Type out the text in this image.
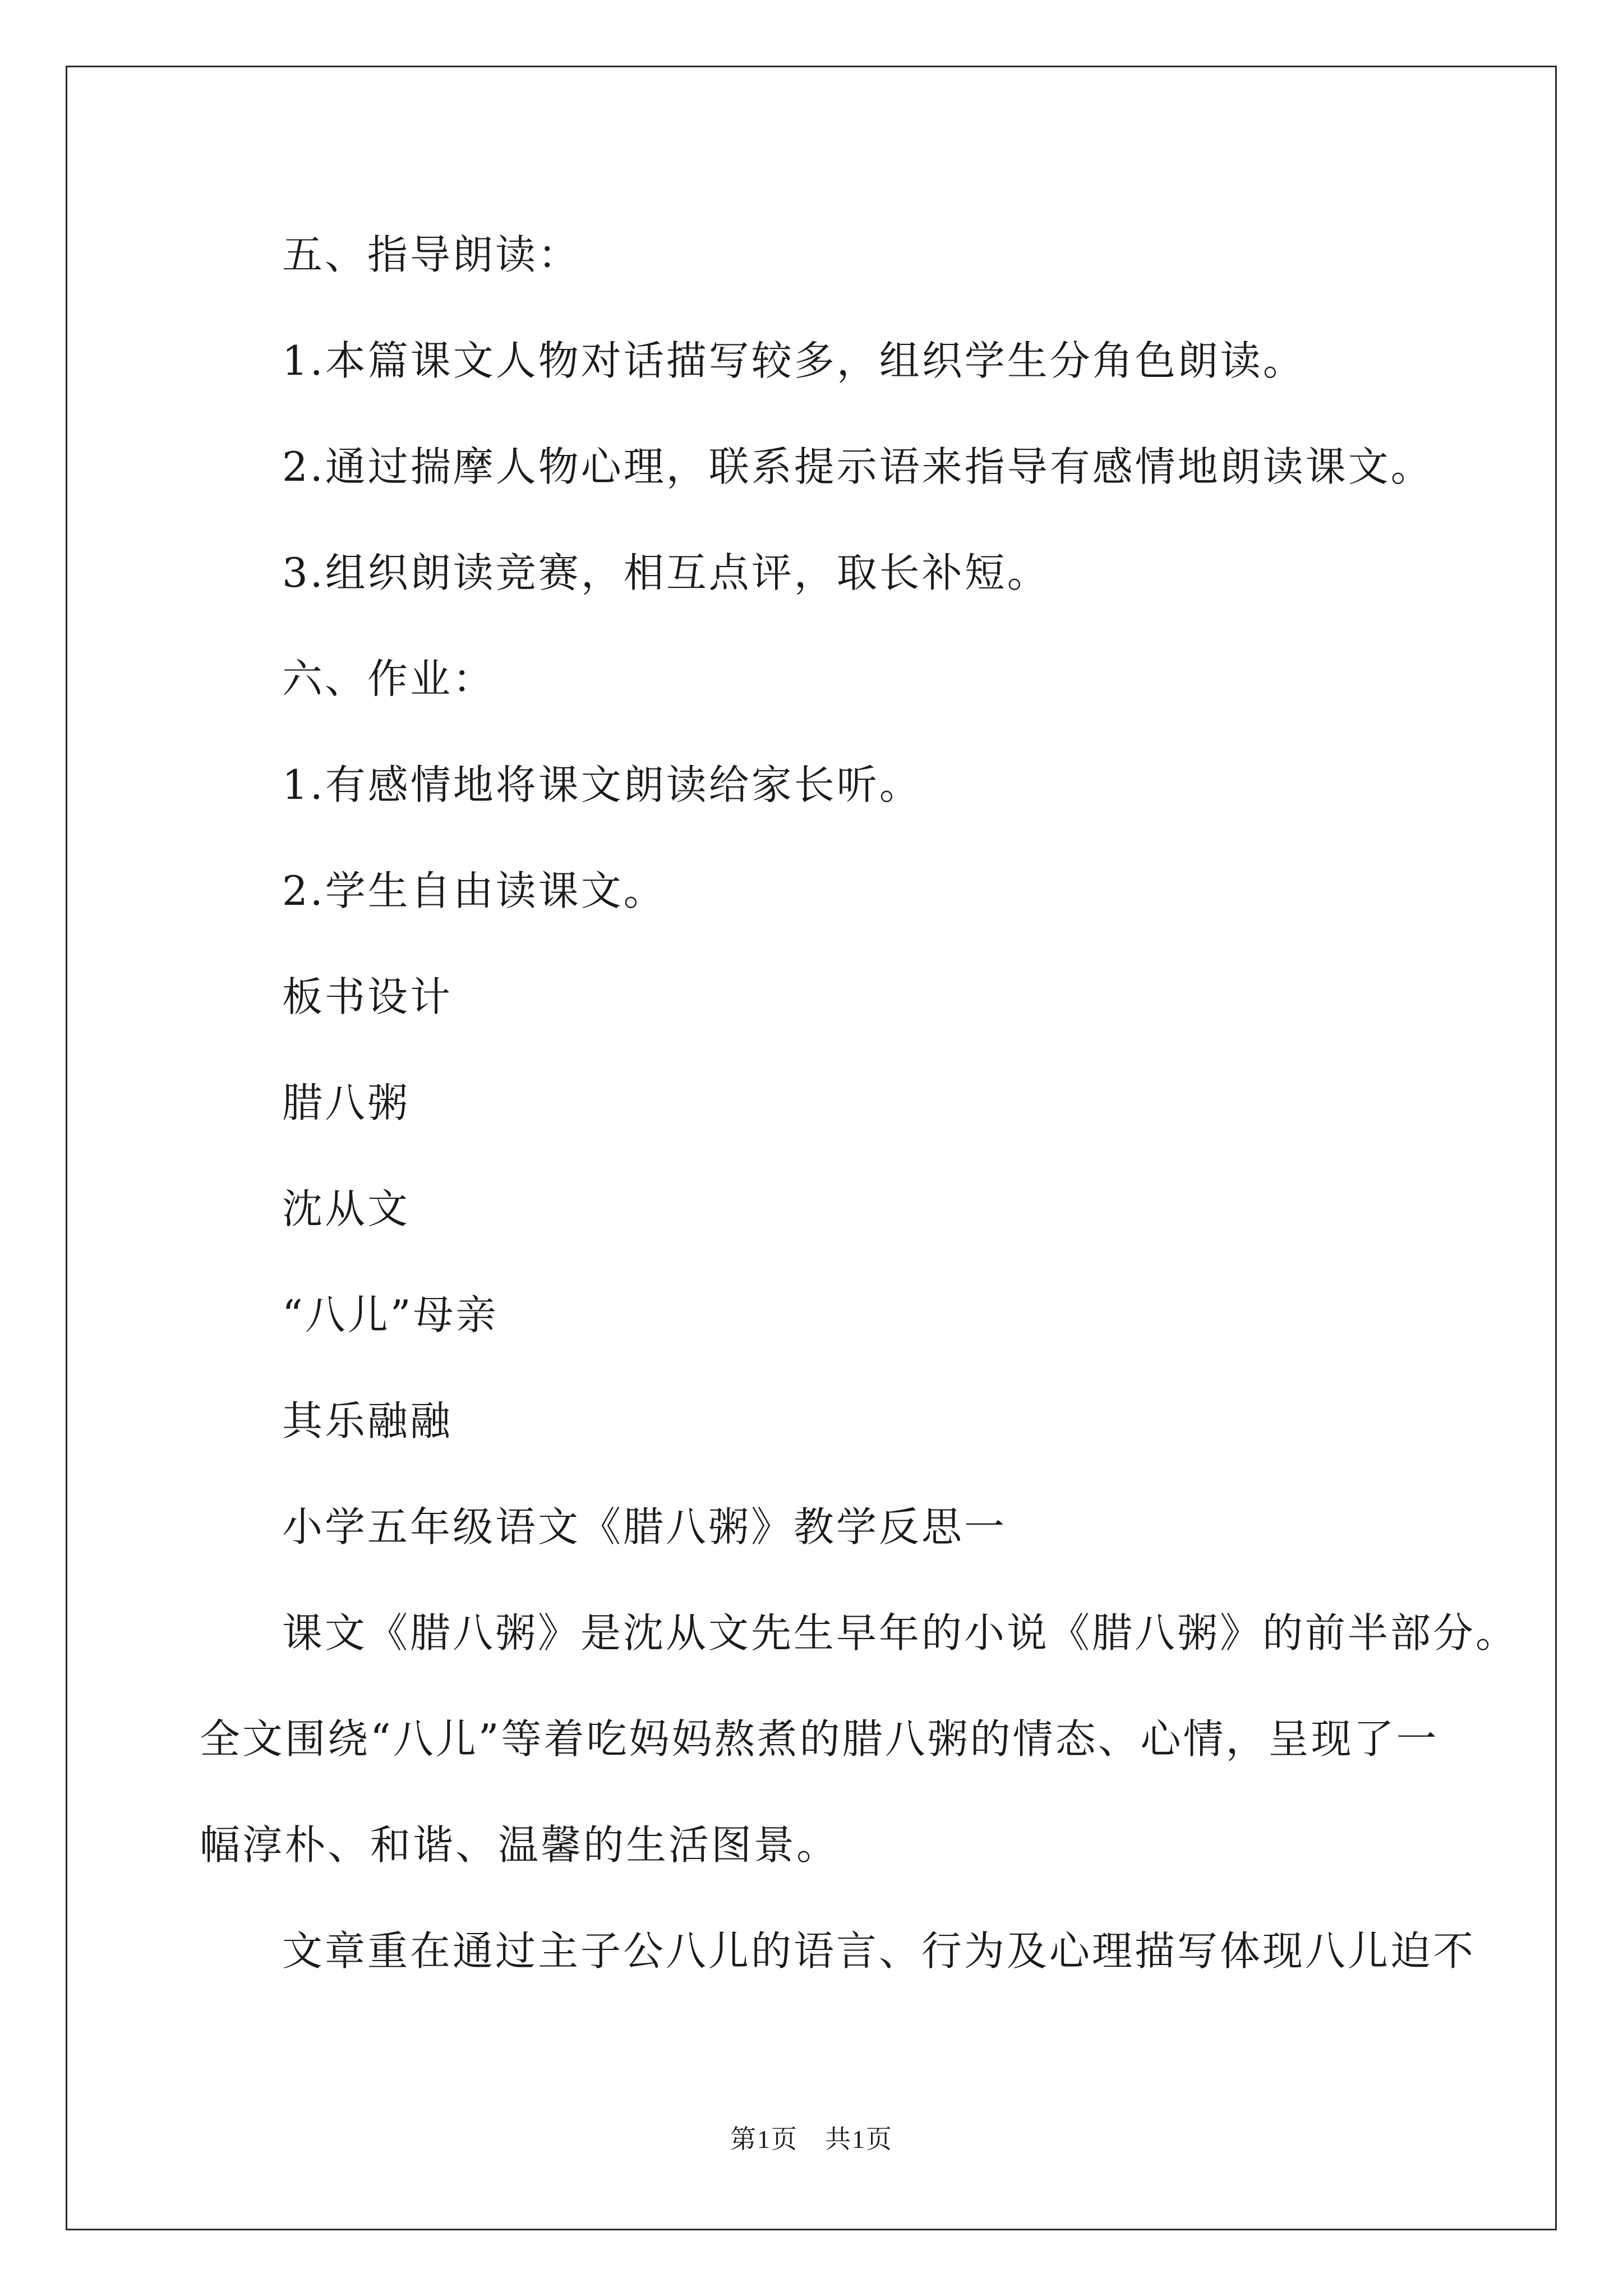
五、指导朗读：
1.本篇课文人物对话描写较多，组织学生分角色朗读。
2.通过揣摩人物心理，联系提示语来指导有感情地朗读课文。
3.组织朗读竞赛，相互点评，取长补短。
六、作业：
1.有感情地将课文朗读给家长听。
2.学生自由读课文。
板书设计
腊八粥
沈从文
“八儿”母亲
其乐融融
小学五年级语文《腊八粥》教学反思一
课文《腊八粥》是沈从文先生早年的小说《腊八粥》的前半部分。
全文围绕“八儿”等着吃妈妈熬煮的腊八粥的情态、心情，呈现了一
幅淳朴、和谐、温馨的生活图景。
文章重在通过主子公八儿的语言、行为及心理描写体现八儿迫不
第1页　共1页
